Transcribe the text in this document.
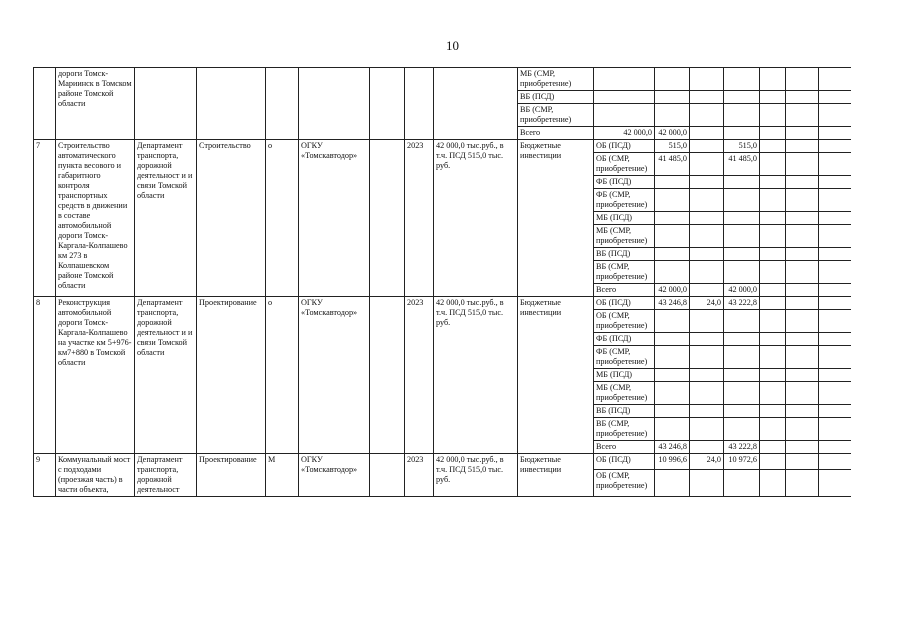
10
	дороги Томск-Мариинск в Томском районе Томской области								МБ (СМР, приобретение)								
									ВБ (ПСД)								
									ВБ (СМР, приобретение)								
									Всего	42 000,0	42 000,0						
7	Строительство автоматического пункта весового и габаритного контроля транспортных средств в движении в составе автомобильной дороги Томск-Каргала-Колпашево км 273 в Колпашевском районе Томской области	Департамент транспорта, дорожной деятельност и и связи Томской области	Строительство	о	ОГКУ «Томскавтодор»		2023	42 000,0 тыс.руб., в т.ч. ПСД 515,0 тыс. руб.	Бюджетные инвестиции	ОБ (ПСД)	515,0		515,0				
										ОБ (СМР, приобретение)	41 485,0		41 485,0				
										ФБ (ПСД)							
										ФБ (СМР, приобретение)							
										МБ (ПСД)							
										МБ (СМР, приобретение)							
										ВБ (ПСД)							
										ВБ (СМР, приобретение)							
										Всего	42 000,0		42 000,0				
8	Реконструкция автомобильной дороги Томск-Каргала-Колпашево на участке км 5+976-км7+880 в Томской области	Департамент транспорта, дорожной деятельност и и связи Томской области	Проектирование	о	ОГКУ «Томскавтодор»		2023	42 000,0 тыс.руб., в т.ч. ПСД 515,0 тыс. руб.	Бюджетные инвестиции	ОБ (ПСД)	43 246,8	24,0	43 222,8				
										ОБ (СМР, приобретение)							
										ФБ (ПСД)							
										ФБ (СМР, приобретение)							
										МБ (ПСД)							
										МБ (СМР, приобретение)							
										ВБ (ПСД)							
										ВБ (СМР, приобретение)							
										Всего	43 246,8		43 222,8				
9	Коммунальный мост с подходами (проезжая часть) в части объекта,	Департамент транспорта, дорожной деятельност	Проектирование	М	ОГКУ «Томскавтодор»		2023	42 000,0 тыс.руб., в т.ч. ПСД 515,0 тыс. руб.	Бюджетные инвестиции	ОБ (ПСД)	10 996,6	24,0	10 972,6				
										ОБ (СМР, приобретение)							
